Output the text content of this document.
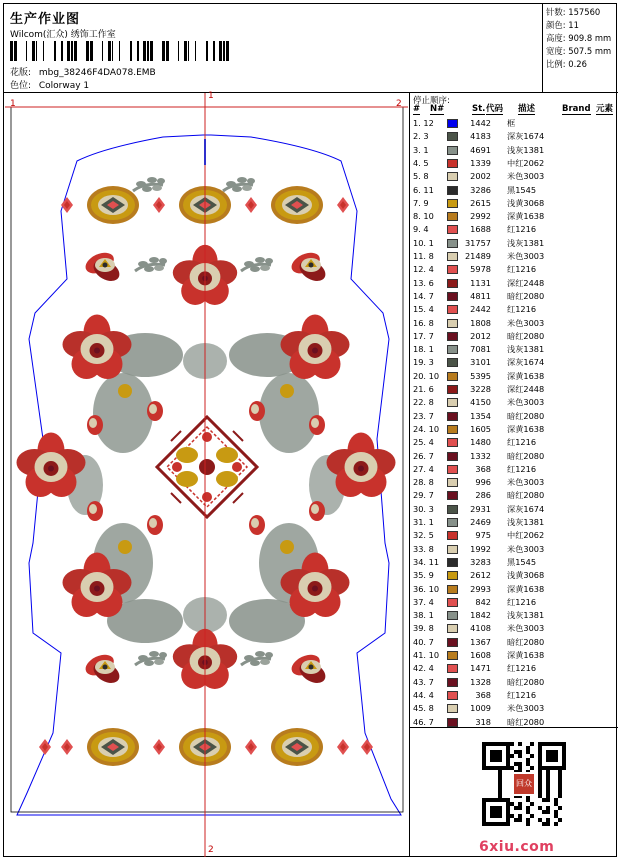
生产作业图
Wilcom(汇众) 绣饰工作室
花版: mbg_38246F4DA078.EMB
色位: Colorway 1
针数: 157560
颜色: 11
高度: 909.8 mm
宽度: 507.5 mm
比例: 0.26
1	2
1
2
停止顺序:
# N#	St. 代码 描述	Brand 元素
1. 12	1442 框
2. 3	4183 深灰1674
3. 1	4691 浅灰1381
4. 5	1339 中红2062
5. 8	2002 米色3003
6. 11	3286 黑1545
7. 9	2615 浅黄3068
8. 10	2992 深黄1638
9. 4	1688 红1216
10. 1	31757 浅灰1381
11. 8	21489 米色3003
12. 4	5978 红1216
13. 6	1131 深红2448
14. 7	4811 暗红2080
15. 4	2442 红1216
16. 8	1808 米色3003
17. 7	2012 暗红2080
18. 1	7081 浅灰1381
19. 3	3101 深灰1674
20. 10	5395 深黄1638
21. 6	3228 深红2448
22. 8	4150 米色3003
23. 7	1354 暗红2080
24. 10	1605 深黄1638
25. 4	1480 红1216
26. 7	1332 暗红2080
27. 4	368 红1216
28. 8	996 米色3003
29. 7	286 暗红2080
30. 3	2931 深灰1674
31. 1	2469 浅灰1381
32. 5	975 中红2062
33. 8	1992 米色3003
34. 11	3283 黑1545
35. 9	2612 浅黄3068
36. 10	2993 深黄1638
37. 4	842 红1216
38. 1	1842 浅灰1381
39. 8	4108 米色3003
40. 7	1367 暗红2080
41. 10	1608 深黄1638
42. 4	1471 红1216
43. 7	1328 暗红2080
44. 4	368 红1216
45. 8	1009 米色3003
46. 7	318 暗红2080
回众
6xiu.com
